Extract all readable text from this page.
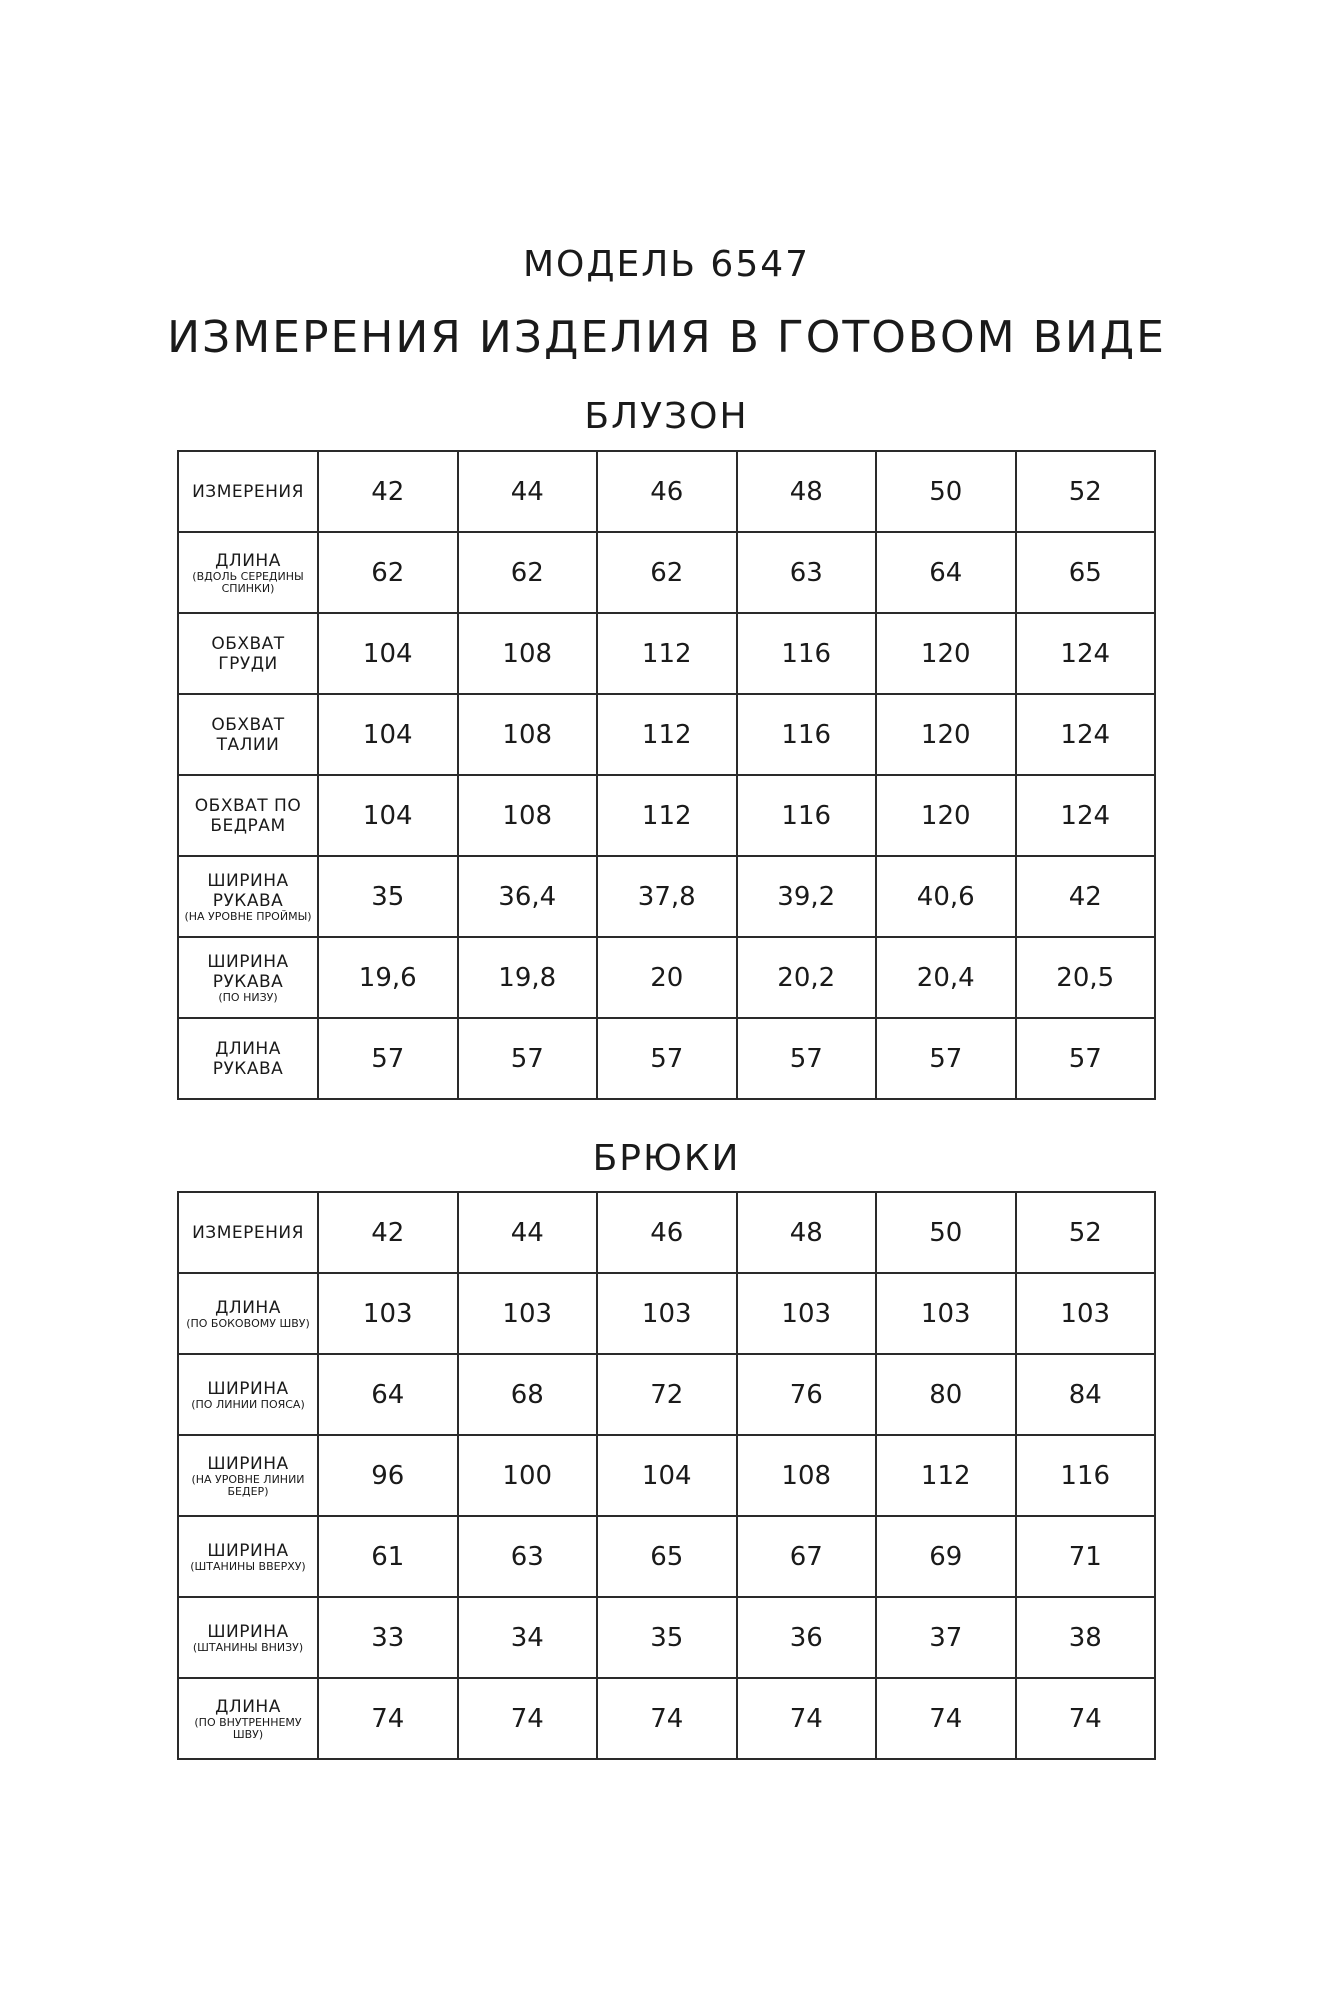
МОДЕЛЬ 6547
ИЗМЕРЕНИЯ ИЗДЕЛИЯ В ГОТОВОМ ВИДЕ
БЛУЗОН
ИЗМЕРЕНИЯ	42	44	46	48	50	52

ДЛИНА
(ВДОЛЬ СЕРЕДИНЫ СПИНКИ)	62	62	62	63	64	65

ОБХВАТ ГРУДИ	104	108	112	116	120	124

ОБХВАТ ТАЛИИ	104	108	112	116	120	124

ОБХВАТ ПО БЕДРАМ	104	108	112	116	120	124

ШИРИНА РУКАВА
(НА УРОВНЕ ПРОЙМЫ)	35	36,4	37,8	39,2	40,6	42

ШИРИНА РУКАВА
(ПО НИЗУ)	19,6	19,8	20	20,2	20,4	20,5

ДЛИНА РУКАВА	57	57	57	57	57	57
БРЮКИ
ИЗМЕРЕНИЯ	42	44	46	48	50	52

ДЛИНА
(ПО БОКОВОМУ ШВУ)	103	103	103	103	103	103

ШИРИНА
(ПО ЛИНИИ ПОЯСА)	64	68	72	76	80	84

ШИРИНА
(НА УРОВНЕ ЛИНИИ БЕДЕР)	96	100	104	108	112	116

ШИРИНА
(ШТАНИНЫ ВВЕРХУ)	61	63	65	67	69	71

ШИРИНА
(ШТАНИНЫ ВНИЗУ)	33	34	35	36	37	38

ДЛИНА
(ПО ВНУТРЕННЕМУ ШВУ)	74	74	74	74	74	74
